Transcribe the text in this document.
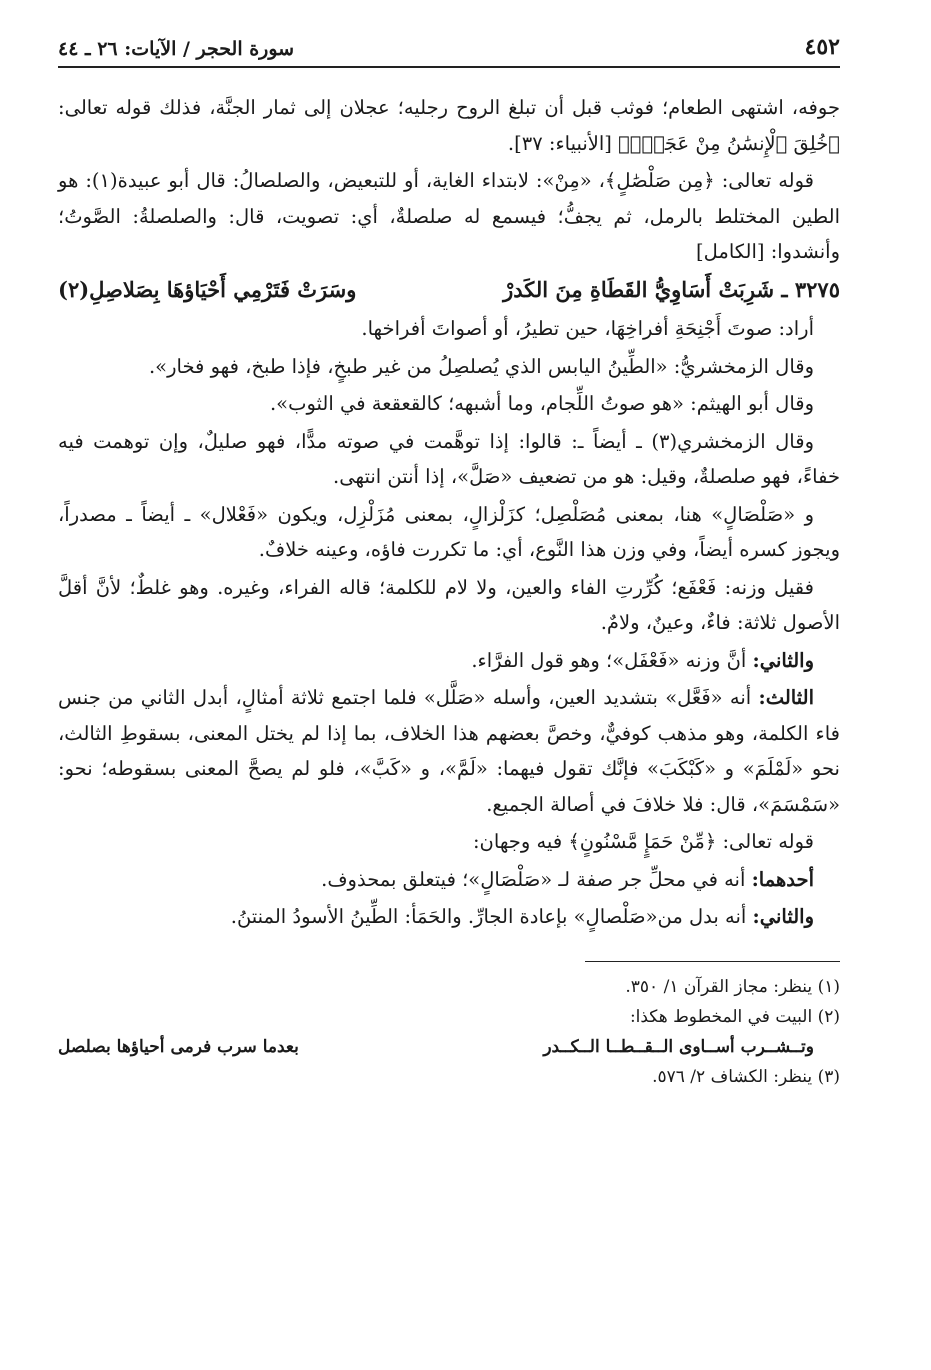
٤٥٢
سورة الحجر / الآيات: ٢٦ ـ ٤٤

جوفه، اشتهى الطعام؛ فوثب قبل أن تبلغ الروح رجليه؛ عجلان إلى ثمار الجنَّة، فذلك قوله تعالى: ﴿خُلِقَ ٱلْإِنسَٰنُ مِنْ عَجَلٍۚ﴾ [الأنبياء: ٣٧].

قوله تعالى: ﴿مِن صَلْصَٰلٍ﴾، «مِنْ»: لابتداء الغاية، أو للتبعيض، والصلصالُ: قال أبو عبيدة(١): هو الطين المختلط بالرمل، ثم يجفُّ؛ فيسمع له صلصلةٌ، أي: تصويت، قال: والصلصلةُ: الصَّوتُ؛ وأنشدوا: [الكامل]

٣٢٧٥ ـ شَرِبَتْ أَسَاوِيُّ القَطَاةِ مِنَ الكَدرْ
وسَرَتْ فَتَرْمِي أَحْيَاؤهَا بِصَلاصِلِ(٢)

أراد: صوتَ أَجْنِحَةِ أفراخِهَا، حين تطيرُ، أو أصواتَ أفراخها.

وقال الزمخشريُّ: «الطِّينُ اليابس الذي يُصلصِلُ من غير طبخٍ، فإذا طبخ، فهو فخار».

وقال أبو الهيثم: «هو صوتُ اللِّجام، وما أشبهه؛ كالقعقعة في الثوب».

وقال الزمخشري(٣) ـ أيضاً ـ: قالوا: إذا توهَّمت في صوته مدًّا، فهو صليلٌ، وإن توهمت فيه خفاءً، فهو صلصلةٌ، وقيل: هو من تضعيف «صَلَّ»، إذا أنتن انتهى.

و «صَلْصَالٍ» هنا، بمعنى مُصَلْصِل؛ كزَلْزالٍ، بمعنى مُزَلْزِل، ويكون «فَعْلال» ـ أيضاً ـ مصدراً، ويجوز كسره أيضاً، وفي وزن هذا النَّوع، أي: ما تكررت فاؤه، وعينه خلافٌ.

فقيل وزنه: فَعْفَع؛ كُرِّرتِ الفاء والعين، ولا لام للكلمة؛ قاله الفراء، وغيره. وهو غلطٌ؛ لأنَّ أقلَّ الأصول ثلاثة: فاءٌ، وعينٌ، ولامٌ.

والثاني: أنَّ وزنه «فَعْفَل»؛ وهو قول الفرَّاء.

الثالث: أنه «فَعَّل» بتشديد العين، وأسله «صَلَّل» فلما اجتمع ثلاثة أمثالٍ، أبدل الثاني من جنس فاء الكلمة، وهو مذهب كوفيٌّ، وخصَّ بعضهم هذا الخلاف، بما إذا لم يختل المعنى، بسقوطِ الثالث، نحو «لَمْلَمَ» و «كَبْكَبَ» فإنَّك تقول فيهما: «لَمَّ»، و «كَبَّ»، فلو لم يصحَّ المعنى بسقوطه؛ نحو: «سَمْسَمَ»، قال: فلا خلافَ في أصالة الجميع.

قوله تعالى: ﴿مِّنْ حَمَإٍ مَّسْنُونٍ﴾ فيه وجهان:

أحدهما: أنه في محلِّ جر صفة لـ «صَلْصَالٍ»؛ فيتعلق بمحذوف.

والثاني: أنه بدل من«صَلْصالٍ» بإعادة الجارِّ. والحَمَأ: الطِّينُ الأسودُ المنتنُ.

(١) ينظر: مجاز القرآن ١/ ٣٥٠.

(٢) البيت في المخطوط هكذا:

وتــشــرب أســاوى الــقــطــا الــكــدر
بعدما سرب فرمى أحياؤها بصلصل

(٣) ينظر: الكشاف ٢/ ٥٧٦.
